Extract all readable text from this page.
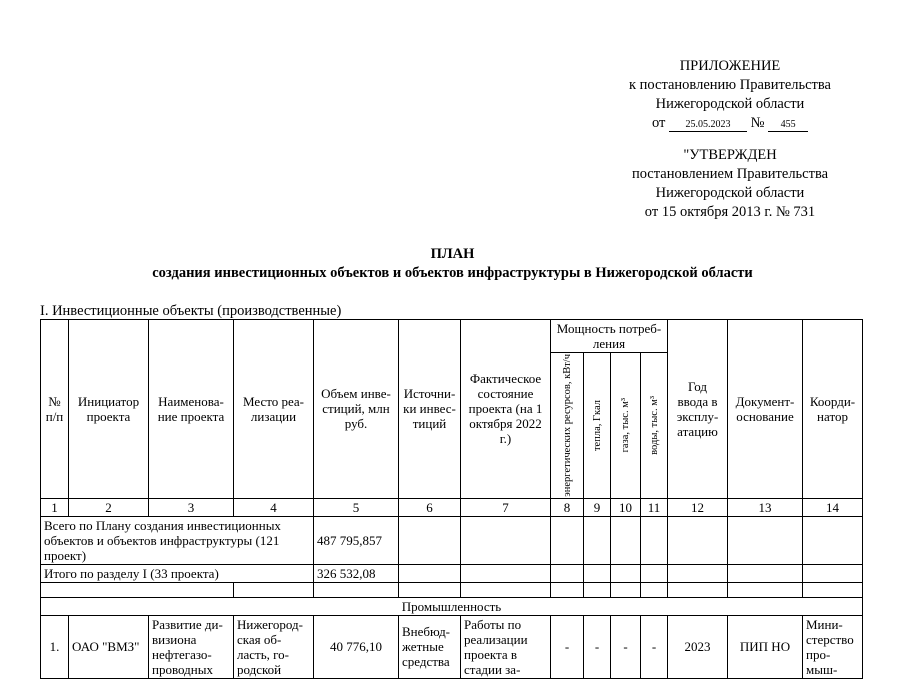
ПРИЛОЖЕНИЕ
к постановлению Правительства
Нижегородской области
от 25.05.2023 № 455
"УТВЕРЖДЕН
постановлением Правительства
Нижегородской области
от 15 октября 2013 г. № 731
ПЛАН
создания инвестиционных объектов и объектов инфраструктуры в Нижегородской области
I. Инвестиционные объекты (производственные)
№ п/п	Инициатор проекта	Наименова-ние проекта	Место реа-лизации	Объем инве-стиций, млн руб.	Источни-ки инвес-тиций	Фактическое состояние проекта (на 1 октября 2022 г.)	Мощность потреб-ления				Год ввода в эксплу-атацию	Документ-основание	Коорди-натор

							энергетических ресурсов, кВт/ч	тепла, Гкал	газа, тыс. м³	воды, тыс. м³			

1	2	3	4	5	6	7	8	9	10	11	12	13	14
Всего по Плану создания инвестиционных объектов и объектов инфраструктуры (121 проект)				487 795,857									
Итого по разделу I (33 проекта)				326 532,08									

Промышленность													
1.	ОАО "ВМЗ"	Развитие ди-визиона нефтегазо-проводных	Нижегород-ская об-ласть, го-родской	40 776,10	Внебюд-жетные средства	Работы по реализации проекта в стадии за-	-	-	-	-	2023	ПИП НО	Мини-стерство про-мыш-
